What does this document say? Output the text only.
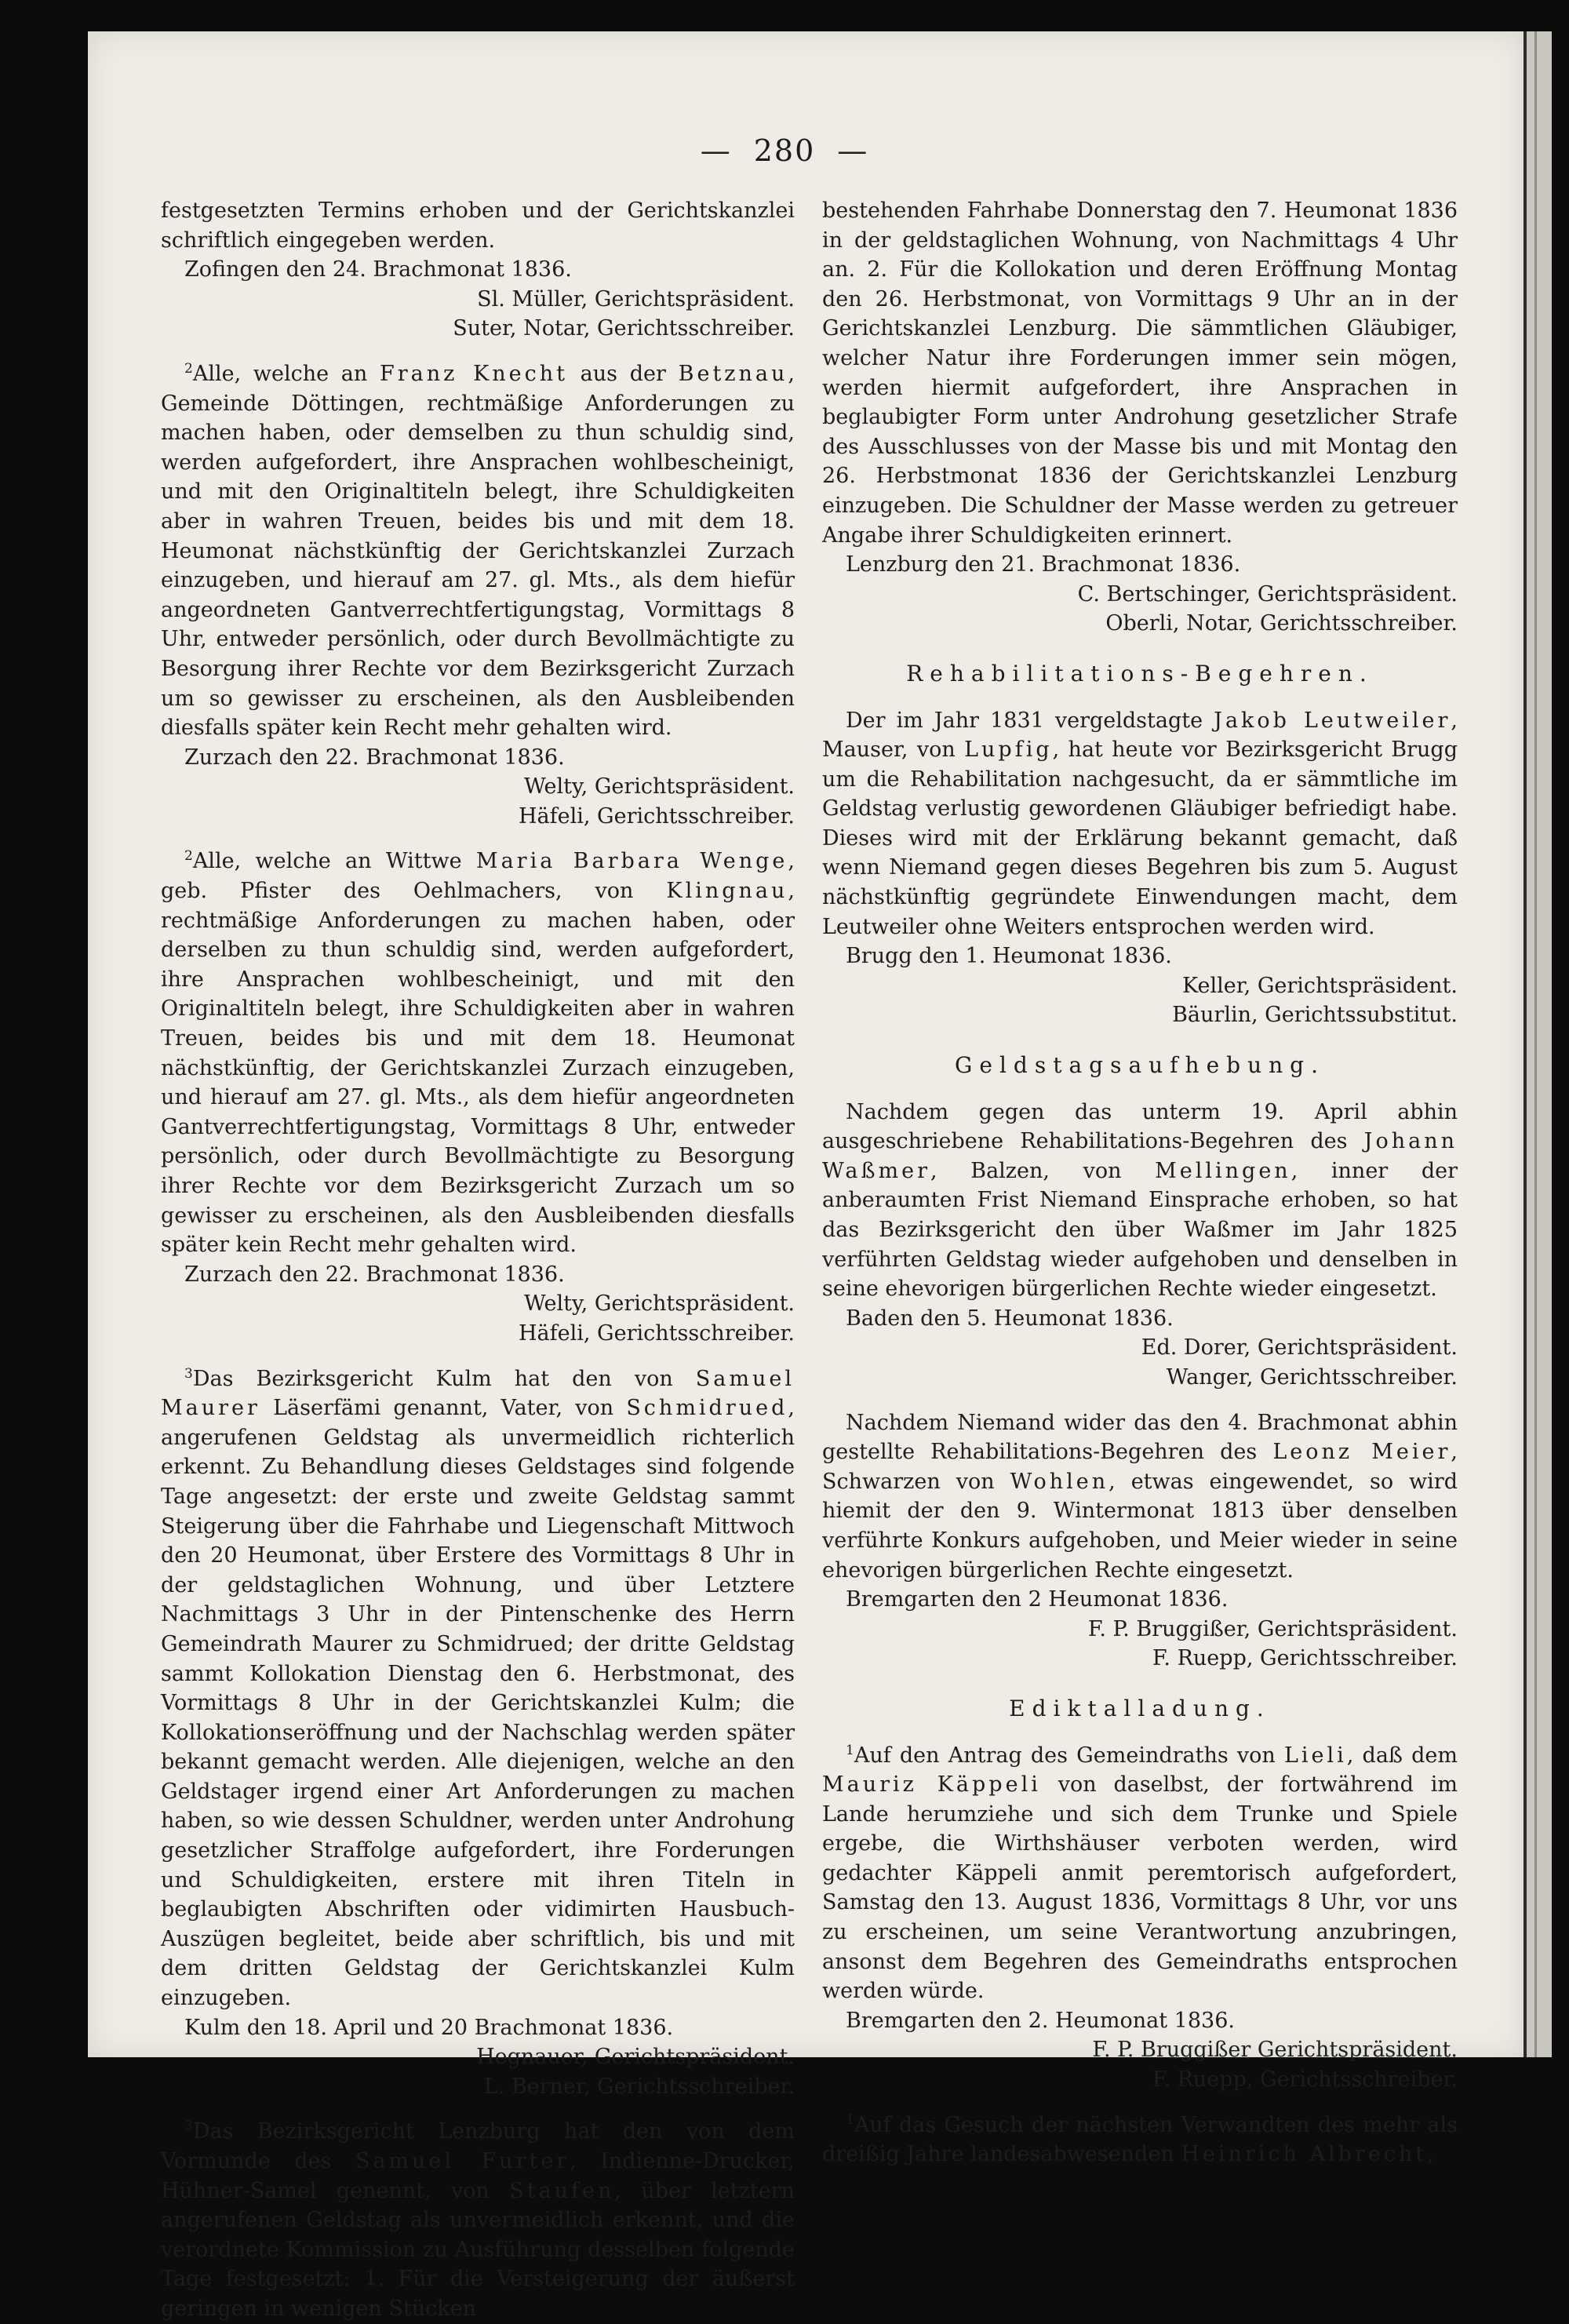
— 280 —

festgesetzten Termins erhoben und der Gerichtskanzlei schriftlich eingegeben werden.

Zofingen den 24. Brachmonat 1836.

Sl. Müller, Gerichtspräsident.

Suter, Notar, Gerichtsschreiber.

$^2$Alle, welche an Franz Knecht aus der Betznau, Gemeinde Döttingen, rechtmäßige Anforderungen zu machen haben, oder demselben zu thun schuldig sind, werden aufgefordert, ihre Ansprachen wohlbescheinigt, und mit den Originaltiteln belegt, ihre Schuldigkeiten aber in wahren Treuen, beides bis und mit dem 18. Heumonat nächstkünftig der Gerichtskanzlei Zurzach einzugeben, und hierauf am 27. gl. Mts., als dem hiefür angeordneten Gantverrechtfertigungstag, Vormittags 8 Uhr, entweder persönlich, oder durch Bevollmächtigte zu Besorgung ihrer Rechte vor dem Bezirksgericht Zurzach um so gewisser zu erscheinen, als den Ausbleibenden diesfalls später kein Recht mehr gehalten wird.

Zurzach den 22. Brachmonat 1836.

Welty, Gerichtspräsident.

Häfeli, Gerichtsschreiber.

$^2$Alle, welche an Wittwe Maria Barbara Wenge, geb. Pfister des Oehlmachers, von Klingnau, rechtmäßige Anforderungen zu machen haben, oder derselben zu thun schuldig sind, werden aufgefordert, ihre Ansprachen wohlbescheinigt, und mit den Originaltiteln belegt, ihre Schuldigkeiten aber in wahren Treuen, beides bis und mit dem 18. Heumonat nächstkünftig, der Gerichtskanzlei Zurzach einzugeben, und hierauf am 27. gl. Mts., als dem hiefür angeordneten Gantverrechtfertigungstag, Vormittags 8 Uhr, entweder persönlich, oder durch Bevollmächtigte zu Besorgung ihrer Rechte vor dem Bezirksgericht Zurzach um so gewisser zu erscheinen, als den Ausbleibenden diesfalls später kein Recht mehr gehalten wird.

Zurzach den 22. Brachmonat 1836.

Welty, Gerichtspräsident.

Häfeli, Gerichtsschreiber.

$^3$Das Bezirksgericht Kulm hat den von Samuel Maurer Läserfämi genannt, Vater, von Schmidrued, angerufenen Geldstag als unvermeidlich richterlich erkennt. Zu Behandlung dieses Geldstages sind folgende Tage angesetzt: der erste und zweite Geldstag sammt Steigerung über die Fahrhabe und Liegenschaft Mittwoch den 20 Heumonat, über Erstere des Vormittags 8 Uhr in der geldstaglichen Wohnung, und über Letztere Nachmittags 3 Uhr in der Pintenschenke des Herrn Gemeindrath Maurer zu Schmidrued; der dritte Geldstag sammt Kollokation Dienstag den 6. Herbstmonat, des Vormittags 8 Uhr in der Gerichtskanzlei Kulm; die Kollokationseröffnung und der Nachschlag werden später bekannt gemacht werden. Alle diejenigen, welche an den Geldstager irgend einer Art Anforderungen zu machen haben, so wie dessen Schuldner, werden unter Androhung gesetzlicher Straffolge aufgefordert, ihre Forderungen und Schuldigkeiten, erstere mit ihren Titeln in beglaubigten Abschriften oder vidimirten Hausbuch-Auszügen begleitet, beide aber schriftlich, bis und mit dem dritten Geldstag der Gerichtskanzlei Kulm einzugeben.

Kulm den 18. April und 20 Brachmonat 1836.

Hegnauer, Gerichtspräsident.

L. Berner, Gerichtsschreiber.

$^3$Das Bezirksgericht Lenzburg hat den von dem Vormunde des Samuel Furter, Indienne-Drucker, Hühner-Samel genennt, von Staufen, über letztern angerufenen Geldstag als unvermeidlich erkennt, und die verordnete Kommission zu Ausführung desselben folgende Tage festgesetzt: 1. Für die Versteigerung der äußerst geringen in wenigen Stücken

bestehenden Fahrhabe Donnerstag den 7. Heumonat 1836 in der geldstaglichen Wohnung, von Nachmittags 4 Uhr an. 2. Für die Kollokation und deren Eröffnung Montag den 26. Herbstmonat, von Vormittags 9 Uhr an in der Gerichtskanzlei Lenzburg. Die sämmtlichen Gläubiger, welcher Natur ihre Forderungen immer sein mögen, werden hiermit aufgefordert, ihre Ansprachen in beglaubigter Form unter Androhung gesetzlicher Strafe des Ausschlusses von der Masse bis und mit Montag den 26. Herbstmonat 1836 der Gerichtskanzlei Lenzburg einzugeben. Die Schuldner der Masse werden zu getreuer Angabe ihrer Schuldigkeiten erinnert.

Lenzburg den 21. Brachmonat 1836.

C. Bertschinger, Gerichtspräsident.

Oberli, Notar, Gerichtsschreiber.

Rehabilitations-Begehren.

Der im Jahr 1831 vergeldstagte Jakob Leutweiler, Mauser, von Lupfig, hat heute vor Bezirksgericht Brugg um die Rehabilitation nachgesucht, da er sämmtliche im Geldstag verlustig gewordenen Gläubiger befriedigt habe. Dieses wird mit der Erklärung bekannt gemacht, daß wenn Niemand gegen dieses Begehren bis zum 5. August nächstkünftig gegründete Einwendungen macht, dem Leutweiler ohne Weiters entsprochen werden wird.

Brugg den 1. Heumonat 1836.

Keller, Gerichtspräsident.

Bäurlin, Gerichtssubstitut.

Geldstagsaufhebung.

Nachdem gegen das unterm 19. April abhin ausgeschriebene Rehabilitations-Begehren des Johann Waßmer, Balzen, von Mellingen, inner der anberaumten Frist Niemand Einsprache erhoben, so hat das Bezirksgericht den über Waßmer im Jahr 1825 verführten Geldstag wieder aufgehoben und denselben in seine ehevorigen bürgerlichen Rechte wieder eingesetzt.

Baden den 5. Heumonat 1836.

Ed. Dorer, Gerichtspräsident.

Wanger, Gerichtsschreiber.

Nachdem Niemand wider das den 4. Brachmonat abhin gestellte Rehabilitations-Begehren des Leonz Meier, Schwarzen von Wohlen, etwas eingewendet, so wird hiemit der den 9. Wintermonat 1813 über denselben verführte Konkurs aufgehoben, und Meier wieder in seine ehevorigen bürgerlichen Rechte eingesetzt.

Bremgarten den 2 Heumonat 1836.

F. P. Bruggißer, Gerichtspräsident.

F. Ruepp, Gerichtsschreiber.

Ediktalladung.

$^1$Auf den Antrag des Gemeindraths von Lieli, daß dem Mauriz Käppeli von daselbst, der fortwährend im Lande herumziehe und sich dem Trunke und Spiele ergebe, die Wirthshäuser verboten werden, wird gedachter Käppeli anmit peremtorisch aufgefordert, Samstag den 13. August 1836, Vormittags 8 Uhr, vor uns zu erscheinen, um seine Verantwortung anzubringen, ansonst dem Begehren des Gemeindraths entsprochen werden würde.

Bremgarten den 2. Heumonat 1836.

F. P. Bruggißer Gerichtspräsident.

F. Ruepp, Gerichtsschreiber.

$^1$Auf das Gesuch der nächsten Verwandten des mehr als dreißig Jahre landesabwesenden Heinrich Albrecht,
